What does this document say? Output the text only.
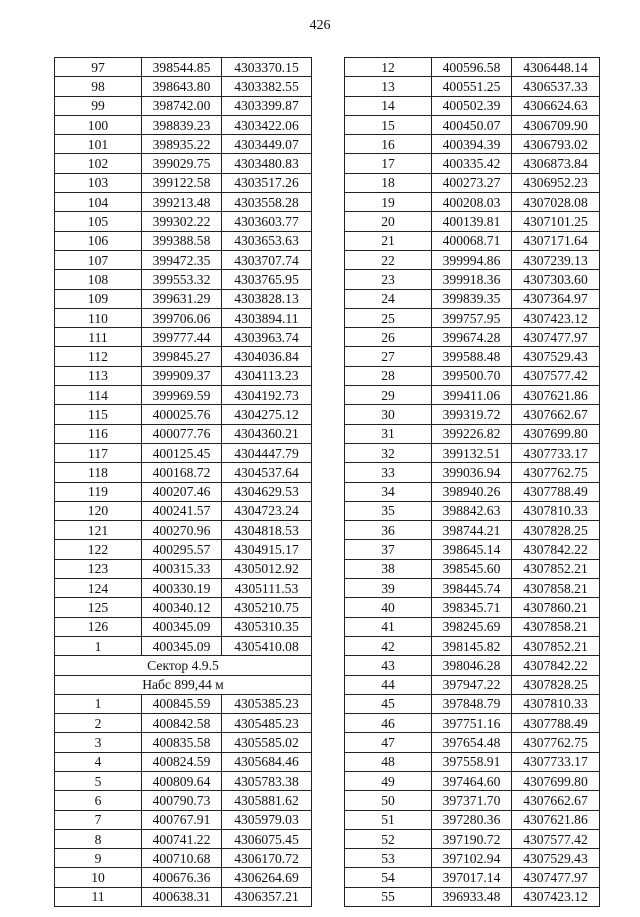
426
97	398544.85	4303370.15
98	398643.80	4303382.55
99	398742.00	4303399.87
100	398839.23	4303422.06
101	398935.22	4303449.07
102	399029.75	4303480.83
103	399122.58	4303517.26
104	399213.48	4303558.28
105	399302.22	4303603.77
106	399388.58	4303653.63
107	399472.35	4303707.74
108	399553.32	4303765.95
109	399631.29	4303828.13
110	399706.06	4303894.11
111	399777.44	4303963.74
112	399845.27	4304036.84
113	399909.37	4304113.23
114	399969.59	4304192.73
115	400025.76	4304275.12
116	400077.76	4304360.21
117	400125.45	4304447.79
118	400168.72	4304537.64
119	400207.46	4304629.53
120	400241.57	4304723.24
121	400270.96	4304818.53
122	400295.57	4304915.17
123	400315.33	4305012.92
124	400330.19	4305111.53
125	400340.12	4305210.75
126	400345.09	4305310.35
1	400345.09	4305410.08
Сектор 4.9.5		
Набс 899,44 м		
1	400845.59	4305385.23
2	400842.58	4305485.23
3	400835.58	4305585.02
4	400824.59	4305684.46
5	400809.64	4305783.38
6	400790.73	4305881.62
7	400767.91	4305979.03
8	400741.22	4306075.45
9	400710.68	4306170.72
10	400676.36	4306264.69
11	400638.31	4306357.21
12	400596.58	4306448.14
13	400551.25	4306537.33
14	400502.39	4306624.63
15	400450.07	4306709.90
16	400394.39	4306793.02
17	400335.42	4306873.84
18	400273.27	4306952.23
19	400208.03	4307028.08
20	400139.81	4307101.25
21	400068.71	4307171.64
22	399994.86	4307239.13
23	399918.36	4307303.60
24	399839.35	4307364.97
25	399757.95	4307423.12
26	399674.28	4307477.97
27	399588.48	4307529.43
28	399500.70	4307577.42
29	399411.06	4307621.86
30	399319.72	4307662.67
31	399226.82	4307699.80
32	399132.51	4307733.17
33	399036.94	4307762.75
34	398940.26	4307788.49
35	398842.63	4307810.33
36	398744.21	4307828.25
37	398645.14	4307842.22
38	398545.60	4307852.21
39	398445.74	4307858.21
40	398345.71	4307860.21
41	398245.69	4307858.21
42	398145.82	4307852.21
43	398046.28	4307842.22
44	397947.22	4307828.25
45	397848.79	4307810.33
46	397751.16	4307788.49
47	397654.48	4307762.75
48	397558.91	4307733.17
49	397464.60	4307699.80
50	397371.70	4307662.67
51	397280.36	4307621.86
52	397190.72	4307577.42
53	397102.94	4307529.43
54	397017.14	4307477.97
55	396933.48	4307423.12
